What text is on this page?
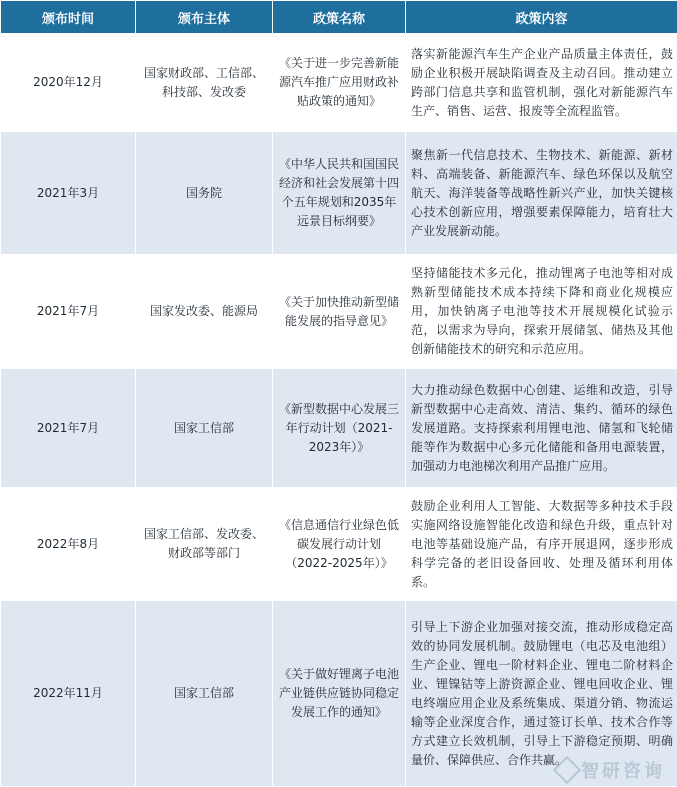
颁布时间	颁布主体	政策名称	政策内容
2020年12月	国家财政部、工信部、科技部、发改委	《关于进一步完善新能源汽车推广应用财政补贴政策的通知》	落实新能源汽车生产企业产品质量主体责任，鼓励企业积极开展缺陷调查及主动召回。推动建立跨部门信息共享和监管机制，强化对新能源汽车生产、销售、运营、报废等全流程监管。
2021年3月	国务院	《中华人民共和国国民经济和社会发展第十四个五年规划和2035年远景目标纲要》	聚焦新一代信息技术、生物技术、新能源、新材料、高端装备、新能源汽车、绿色环保以及航空航天、海洋装备等战略性新兴产业，加快关键核心技术创新应用，增强要素保障能力，培育壮大产业发展新动能。
2021年7月	国家发改委、能源局	《关于加快推动新型储能发展的指导意见》	坚持储能技术多元化，推动锂离子电池等相对成熟新型储能技术成本持续下降和商业化规模应用，加快钠离子电池等技术开展规模化试验示范，以需求为导向，探索开展储氢、储热及其他创新储能技术的研究和示范应用。
2021年7月	国家工信部	《新型数据中心发展三年行动计划（2021-2023年）》	大力推动绿色数据中心创建、运维和改造，引导新型数据中心走高效、清洁、集约、循环的绿色发展道路。支持探索利用锂电池、储氢和飞轮储能等作为数据中心多元化储能和备用电源装置，加强动力电池梯次利用产品推广应用。
2022年8月	国家工信部、发改委、财政部等部门	《信息通信行业绿色低碳发展行动计划（2022-2025年）》	鼓励企业利用人工智能、大数据等多种技术手段实施网络设施智能化改造和绿色升级，重点针对电池等基础设施产品，有序开展退网，逐步形成科学完备的老旧设备回收、处理及循环利用体系。
2022年11月	国家工信部	《关于做好锂离子电池产业链供应链协同稳定发展工作的通知》	引导上下游企业加强对接交流，推动形成稳定高效的协同发展机制。鼓励锂电（电芯及电池组）生产企业、锂电一阶材料企业、锂电二阶材料企业、锂镍钴等上游资源企业、锂电回收企业、锂电终端应用企业及系统集成、渠道分销、物流运输等企业深度合作，通过签订长单、技术合作等方式建立长效机制，引导上下游稳定预期、明确量价、保障供应、合作共赢。
智研咨询
